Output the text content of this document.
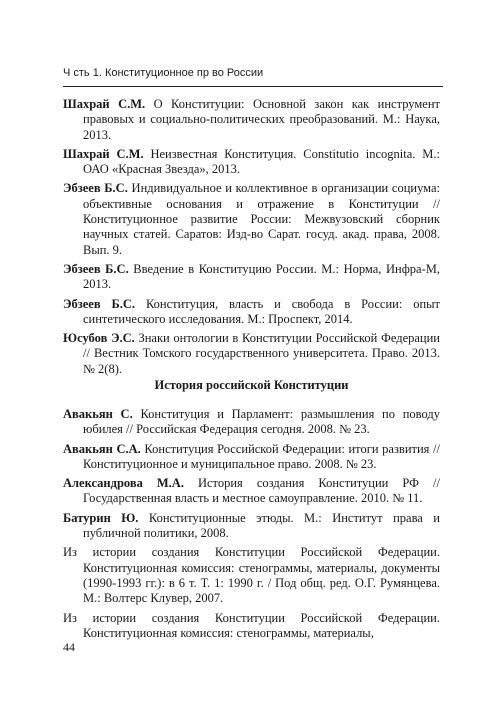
Ч сть 1. Конституционное пр во России

Шахрай С.М. О Конституции: Основной закон как инструмент правовых и социально-политических преобразований. М.: Наука, 2013.

Шахрай С.М. Неизвестная Конституция. Constitutio incognita. М.: ОАО «Красная Звезда», 2013.

Эбзеев Б.С. Индивидуальное и коллективное в организации социума: объективные основания и отражение в Конституции // Конституционное развитие России: Межвузовский сборник научных статей. Саратов: Изд-во Сарат. госуд. акад. права, 2008. Вып. 9.

Эбзеев Б.С. Введение в Конституцию России. М.: Норма, Инфра-М, 2013.

Эбзеев Б.С. Конституция, власть и свобода в России: опыт синтетического исследования. М.: Проспект, 2014.

Юсубов Э.С. Знаки онтологии в Конституции Российской Федерации // Вестник Томского государственного университета. Право. 2013. № 2(8).

История российской Конституции

Авакьян С. Конституция и Парламент: размышления по поводу юбилея // Российская Федерация сегодня. 2008. № 23.

Авакьян С.А. Конституция Российской Федерации: итоги развития // Конституционное и муниципальное право. 2008. № 23.

Александрова М.А. История создания Конституции РФ // Государственная власть и местное самоуправление. 2010. № 11.

Батурин Ю. Конституционные этюды. М.: Институт права и публичной политики, 2008.

Из истории создания Конституции Российской Федерации. Конституционная комиссия: стенограммы, материалы, документы (1990-1993 гг.): в 6 т. Т. 1: 1990 г. / Под общ. ред. О.Г. Румянцева. М.: Волтерс Клувер, 2007.

Из истории создания Конституции Российской Федерации. Конституционная комиссия: стенограммы, материалы,

44
